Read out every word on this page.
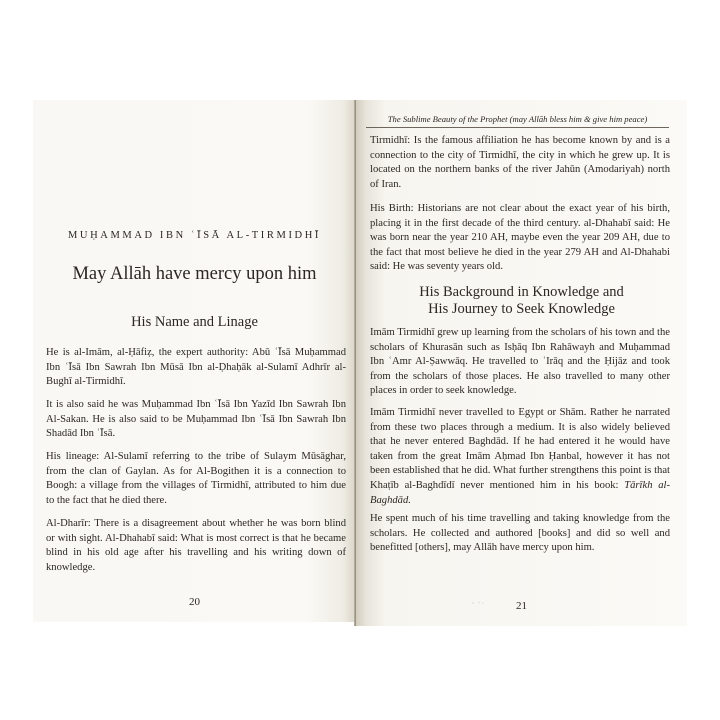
MUḤAMMAD IBN ʿĪSĀ AL-TIRMIDHĪ

May Allāh have mercy upon him
His Name and Linage

He is al-Imām, al-Ḥāfiẓ, the expert authority: Abū ʿĪsā Muḥammad Ibn ʿĪsā Ibn Sawrah Ibn Mūsā Ibn al-Ḍhaḥāk al-Sulamī Adhrīr al-Bughī al-Tirmidhī.

It is also said he was Muḥammad Ibn ʿĪsā Ibn Yazīd Ibn Sawrah Ibn Al-Sakan. He is also said to be Muḥammad Ibn ʿĪsā Ibn Sawrah Ibn Shadād Ibn ʿĪsā.

His lineage: Al-Sulamī referring to the tribe of Sulaym Mūsāghar, from the clan of Gaylan. As for Al-Bogithen it is a connection to Boogh: a village from the villages of Tirmidhī, attributed to him due to the fact that he died there.

Al-Dharīr: There is a disagreement about whether he was born blind or with sight. Al-Dhahabī said: What is most correct is that he became blind in his old age after his travelling and his writing down of knowledge.

20

The Sublime Beauty of the Prophet (may Allāh bless him & give him peace)

Tirmidhī: Is the famous affiliation he has become known by and is a connection to the city of Tirmidhī, the city in which he grew up. It is located on the northern banks of the river Jahūn (Amodariyah) north of Iran.

His Birth: Historians are not clear about the exact year of his birth, placing it in the first decade of the third century. al-Dhahabī said: He was born near the year 210 AH, maybe even the year 209 AH, due to the fact that most believe he died in the year 279 AH and Al-Dhahabi said: He was seventy years old.

His Background in Knowledge and
His Journey to Seek Knowledge

Imām Tirmidhī grew up learning from the scholars of his town and the scholars of Khurasān such as Isḥāq Ibn Rahāwayh and Muḥammad Ibn ʿAmr Al-Ṣawwāq. He travelled to ʿIrāq and the Ḥijāz and took from the scholars of those places. He also travelled to many other places in order to seek knowledge.

Imām Tirmidhī never travelled to Egypt or Shām. Rather he narrated from these two places through a medium. It is also widely believed that he never entered Baghdād. If he had entered it he would have taken from the great Imām Aḥmad Ibn Ḥanbal, however it has not been established that he did. What further strengthens this point is that Khaṭīb al-Baghdīdī never mentioned him in his book: Tārīkh al-Baghdād.

He spent much of his time travelling and taking knowledge from the scholars. He collected and authored [books] and did so well and benefitted [others], may Allāh have mercy upon him.

21
